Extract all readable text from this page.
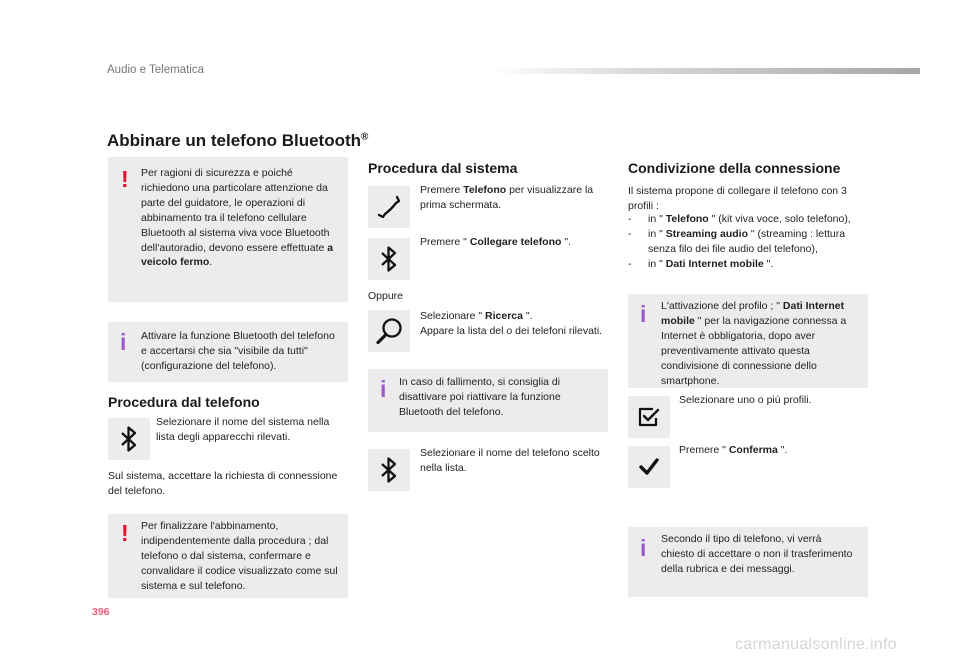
Audio e Telematica
Abbinare un telefono Bluetooth®
! Per ragioni di sicurezza e poiché richiedono una particolare attenzione da parte del guidatore, le operazioni di abbinamento tra il telefono cellulare Bluetooth al sistema viva voce Bluetooth dell'autoradio, devono essere effettuate a veicolo fermo.
i Attivare la funzione Bluetooth del telefono e accertarsi che sia "visibile da tutti" (configurazione del telefono).
Procedura dal telefono
Selezionare il nome del sistema nella lista degli apparecchi rilevati.
Sul sistema, accettare la richiesta di connessione del telefono.
! Per finalizzare l'abbinamento, indipendentemente dalla procedura ; dal telefono o dal sistema, confermare e convalidare il codice visualizzato come sul sistema e sul telefono.
Procedura dal sistema
Premere Telefono per visualizzare la prima schermata.
Premere " Collegare telefono ".
Oppure
Selezionare " Ricerca ".
Appare la lista del o dei telefoni rilevati.
i In caso di fallimento, si consiglia di disattivare poi riattivare la funzione Bluetooth del telefono.
Selezionare il nome del telefono scelto nella lista.
Condivizione della connessione
Il sistema propone di collegare il telefono con 3 profili :
- in " Telefono " (kit viva voce, solo telefono),
- in " Streaming audio " (streaming : lettura senza filo dei file audio del telefono),
- in " Dati Internet mobile ".
i L'attivazione del profilo ; " Dati Internet mobile " per la navigazione connessa a Internet è obbligatoria, dopo aver preventivamente attivato questa condivisione di connessione dello smartphone.
Selezionare uno o più profili.
Premere " Conferma ".
i Secondo il tipo di telefono, vi verrà chiesto di accettare o non il trasferimento della rubrica e dei messaggi.
396
carmanualsonline.info
